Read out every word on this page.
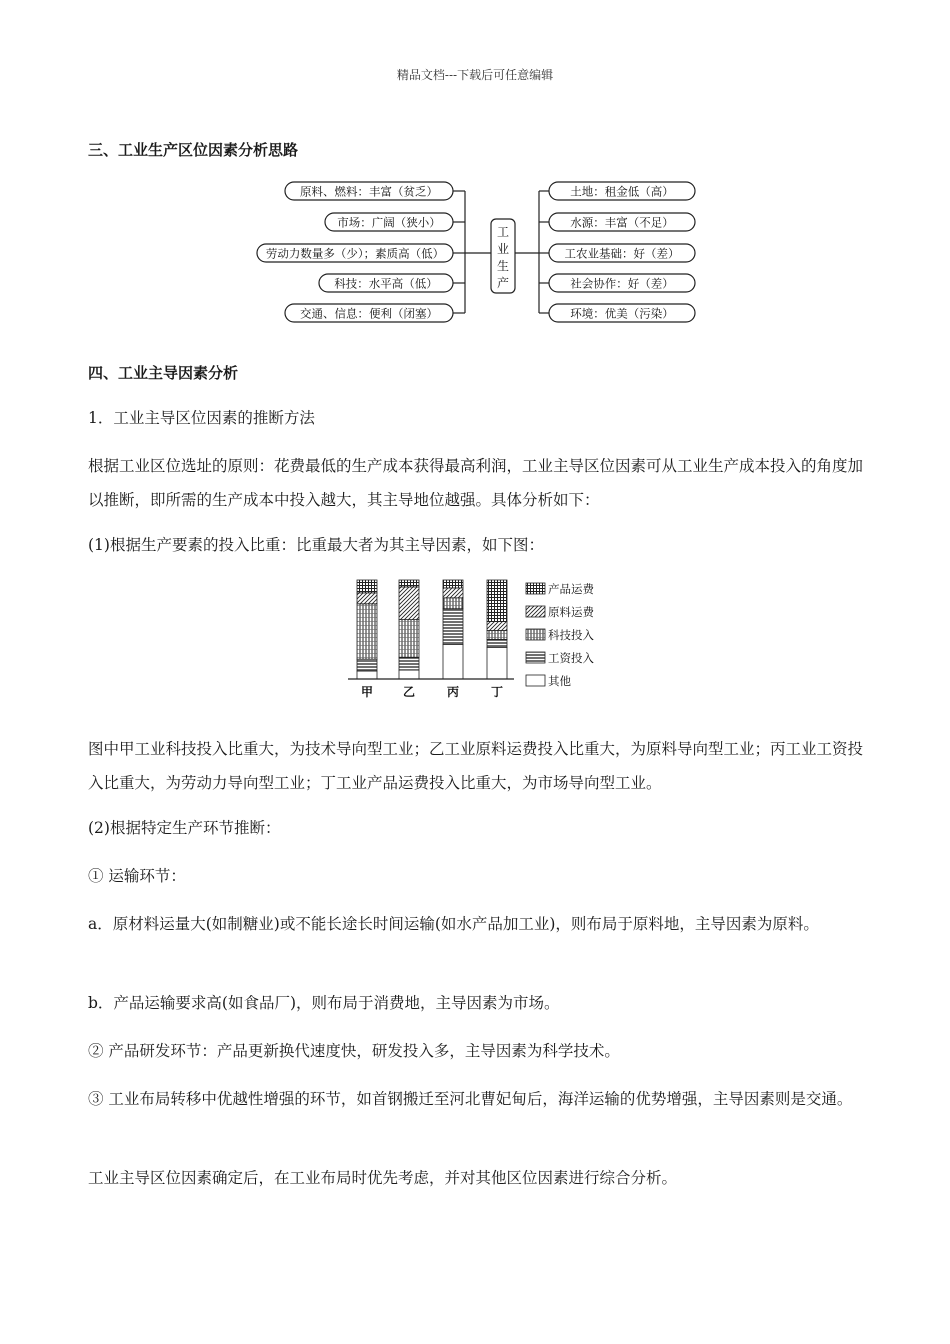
精品文档---下载后可任意编辑
三、工业生产区位因素分析思路
原料、燃料：丰富（贫乏）
市场：广阔（狭小）
劳动力数量多（少）；素质高（低）
科技：水平高（低）
交通、信息：便利（闭塞）
土地：租金低（高）
水源：丰富（不足）
工农业基础：好（差）
社会协作：好（差）
环境：优美（污染）
工
业
生
产
四、工业主导因素分析
1．工业主导区位因素的推断方法
根据工业区位选址的原则：花费最低的生产成本获得最高利润，工业主导区位因素可从工业生产成本投入的角度加以推断，即所需的生产成本中投入越大，其主导地位越强。具体分析如下：
(1)根据生产要素的投入比重：比重最大者为其主导因素，如下图：
甲 乙	丙	丁
产品运费
原料运费
科技投入
工资投入
其他
图中甲工业科技投入比重大，为技术导向型工业；乙工业原料运费投入比重大，为原料导向型工业；丙工业工资投入比重大，为劳动力导向型工业；丁工业产品运费投入比重大，为市场导向型工业。
(2)根据特定生产环节推断：
① 运输环节：
a．原材料运量大(如制糖业)或不能长途长时间运输(如水产品加工业)，则布局于原料地，主导因素为原料。
b．产品运输要求高(如食品厂)，则布局于消费地，主导因素为市场。
② 产品研发环节：产品更新换代速度快，研发投入多，主导因素为科学技术。
③ 工业布局转移中优越性增强的环节，如首钢搬迁至河北曹妃甸后，海洋运输的优势增强，主导因素则是交通。
工业主导区位因素确定后，在工业布局时优先考虑，并对其他区位因素进行综合分析。
